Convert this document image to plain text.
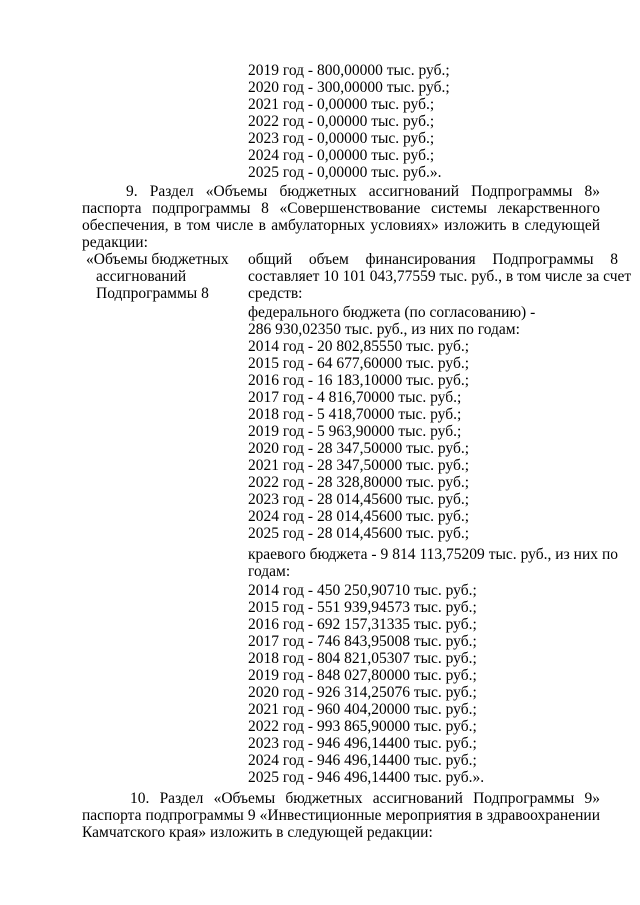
2019 год - 800,00000 тыс. руб.;
2020 год - 300,00000 тыс. руб.;
2021 год - 0,00000 тыс. руб.;
2022 год - 0,00000 тыс. руб.;
2023 год - 0,00000 тыс. руб.;
2024 год - 0,00000 тыс. руб.;
2025 год - 0,00000 тыс. руб.».
9. Раздел «Объемы бюджетных ассигнований Подпрограммы 8»
паспорта подпрограммы 8 «Совершенствование системы лекарственного
обеспечения, в том числе в амбулаторных условиях» изложить в следующей
редакции:
«Объемы бюджетных
ассигнований
Подпрограммы 8
общий объем финансирования Подпрограммы 8
составляет 10 101 043,77559 тыс. руб., в том числе за счет
средств:
федерального бюджета (по согласованию) -
286 930,02350 тыс. руб., из них по годам:
2014 год - 20 802,85550 тыс. руб.;
2015 год - 64 677,60000 тыс. руб.;
2016 год - 16 183,10000 тыс. руб.;
2017 год - 4 816,70000 тыс. руб.;
2018 год - 5 418,70000 тыс. руб.;
2019 год - 5 963,90000 тыс. руб.;
2020 год - 28 347,50000 тыс. руб.;
2021 год - 28 347,50000 тыс. руб.;
2022 год - 28 328,80000 тыс. руб.;
2023 год - 28 014,45600 тыс. руб.;
2024 год - 28 014,45600 тыс. руб.;
2025 год - 28 014,45600 тыс. руб.;
краевого бюджета - 9 814 113,75209 тыс. руб., из них по
годам:
2014 год - 450 250,90710 тыс. руб.;
2015 год - 551 939,94573 тыс. руб.;
2016 год - 692 157,31335 тыс. руб.;
2017 год - 746 843,95008 тыс. руб.;
2018 год - 804 821,05307 тыс. руб.;
2019 год - 848 027,80000 тыс. руб.;
2020 год - 926 314,25076 тыс. руб.;
2021 год - 960 404,20000 тыс. руб.;
2022 год - 993 865,90000 тыс. руб.;
2023 год - 946 496,14400 тыс. руб.;
2024 год - 946 496,14400 тыс. руб.;
2025 год - 946 496,14400 тыс. руб.».
10. Раздел «Объемы бюджетных ассигнований Подпрограммы 9»
паспорта подпрограммы 9 «Инвестиционные мероприятия в здравоохранении
Камчатского края» изложить в следующей редакции:
